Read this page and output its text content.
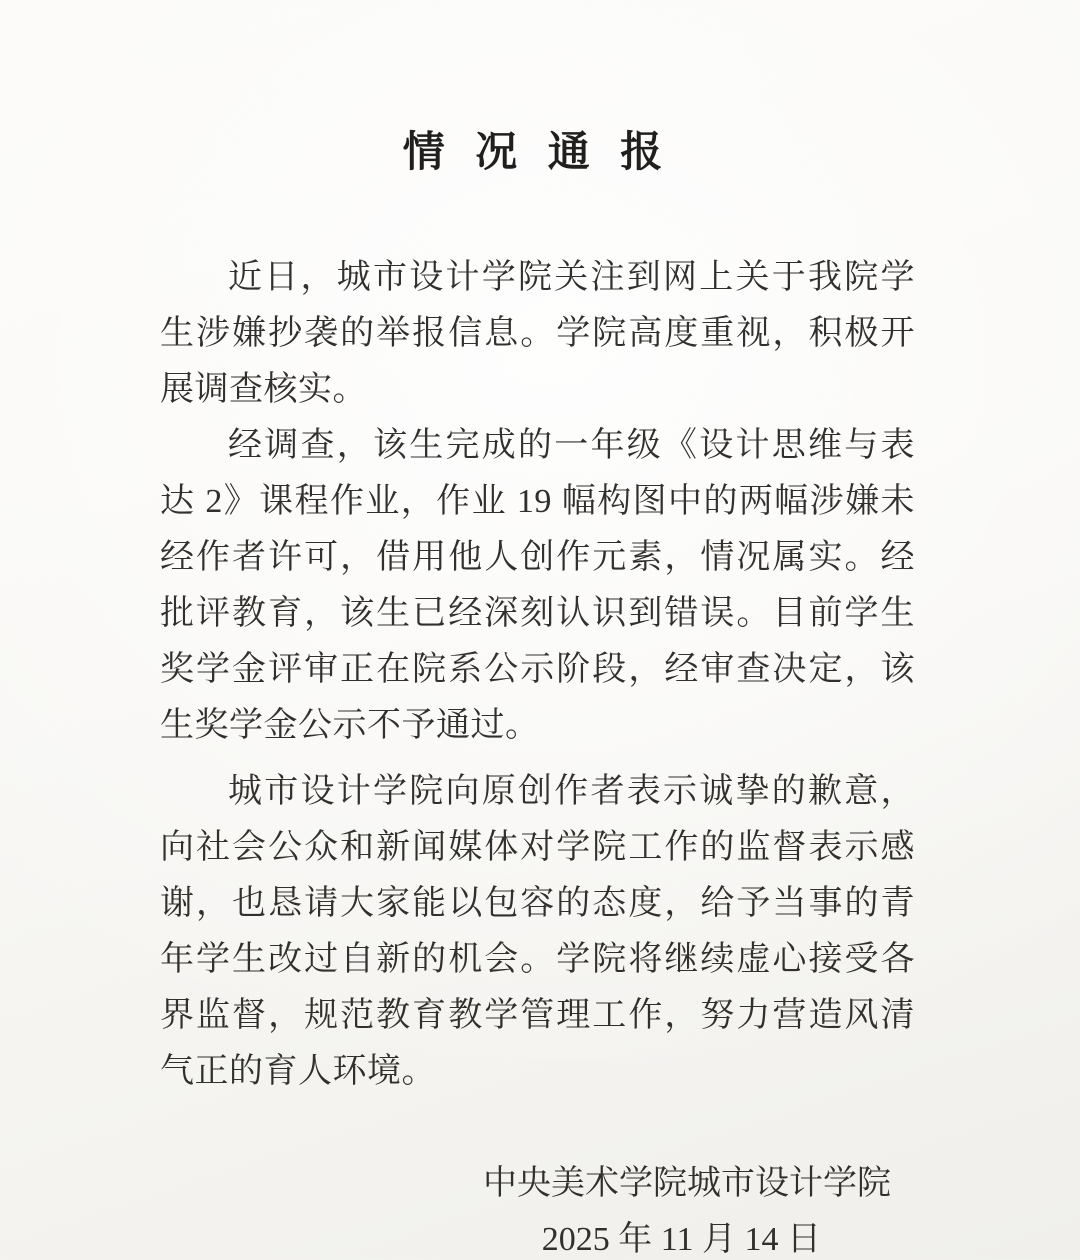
情 况 通 报

近日，城市设计学院关注到网上关于我院学生涉嫌抄袭的举报信息。学院高度重视，积极开展调查核实。

经调查，该生完成的一年级《设计思维与表达 2》课程作业，作业 19 幅构图中的两幅涉嫌未经作者许可，借用他人创作元素，情况属实。经批评教育，该生已经深刻认识到错误。目前学生奖学金评审正在院系公示阶段，经审查决定，该生奖学金公示不予通过。

城市设计学院向原创作者表示诚挚的歉意，向社会公众和新闻媒体对学院工作的监督表示感谢，也恳请大家能以包容的态度，给予当事的青年学生改过自新的机会。学院将继续虚心接受各界监督，规范教育教学管理工作，努力营造风清气正的育人环境。

中央美术学院城市设计学院
2025 年 11 月 14 日
